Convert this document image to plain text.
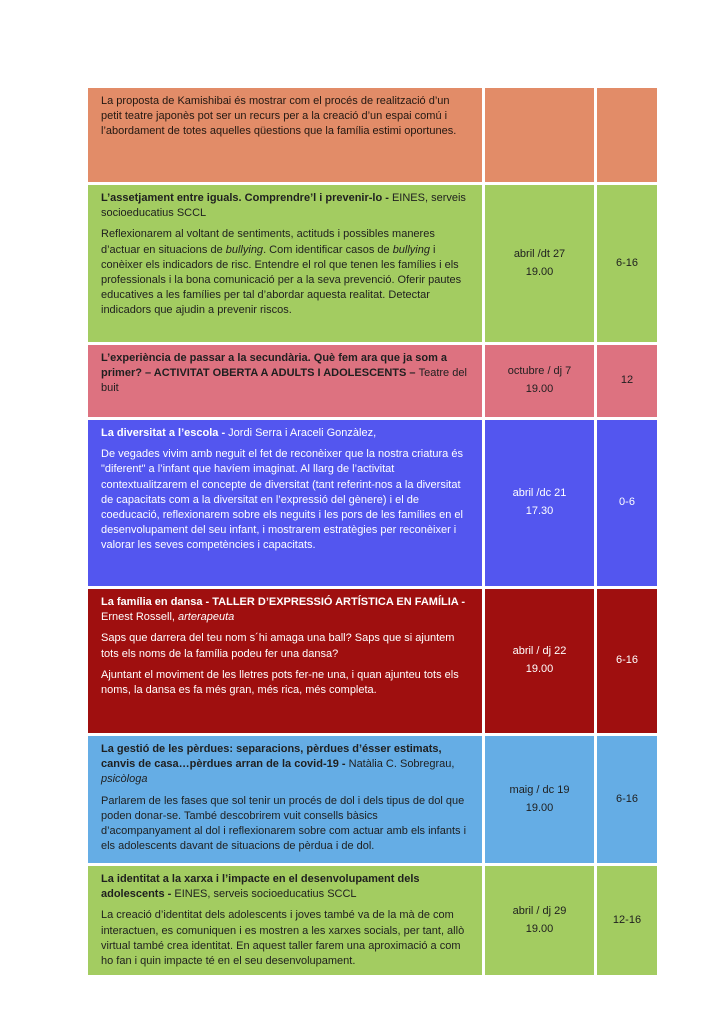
La proposta de Kamishibai és mostrar com el procés de realització d’un petit teatre japonès pot ser un recurs per a la creació d’un espai comú i l’abordament de totes aquelles qüestions que la família estimi oportunes.

L’assetjament entre iguals. Comprendre’l i prevenir-lo - EINES, serveis socioeducatius SCCL

Reflexionarem al voltant de sentiments, actituds i possibles maneres d’actuar en situacions de bullying. Com identificar casos de bullying i conèixer els indicadors de risc. Entendre el rol que tenen les famílies i els professionals i la bona comunicació per a la seva prevenció. Oferir pautes educatives a les famílies per tal d’abordar aquesta realitat. Detectar indicadors que ajudin a prevenir riscos.

abril /dt 27
19.00
6-16

L’experiència de passar a la secundària. Què fem ara que ja som a primer? – ACTIVITAT OBERTA A ADULTS I ADOLESCENTS – Teatre del buit

octubre / dj 7
19.00
12

La diversitat a l’escola - Jordi Serra i Araceli Gonzàlez,

De vegades vivim amb neguit el fet de reconèixer que la nostra criatura és "diferent" a l’infant que havíem imaginat. Al llarg de l’activitat contextualitzarem el concepte de diversitat (tant referint-nos a la diversitat de capacitats com a la diversitat en l’expressió del gènere) i el de coeducació, reflexionarem sobre els neguits i les pors de les famílies en el desenvolupament del seu infant, i mostrarem estratègies per reconèixer i valorar les seves competències i capacitats.

abril /dc 21
17.30
0-6

La família en dansa - TALLER D’EXPRESSIÓ ARTÍSTICA EN FAMÍLIA - Ernest Rossell, arterapeuta

Saps que darrera del teu nom s´hi amaga una ball? Saps que si ajuntem tots els noms de la família podeu fer una dansa?

Ajuntant el moviment de les lletres pots fer-ne una, i quan ajunteu tots els noms, la dansa es fa més gran, més rica, més completa.

abril / dj 22
19.00
6-16

La gestió de les pèrdues: separacions, pèrdues d’ésser estimats, canvis de casa…pèrdues arran de la covid-19 - Natàlia C. Sobregrau, psicòloga

Parlarem de les fases que sol tenir un procés de dol i dels tipus de dol que poden donar-se. També descobrirem vuit consells bàsics d’acompanyament al dol i reflexionarem sobre com actuar amb els infants i els adolescents davant de situacions de pèrdua i de dol.

maig / dc 19
19.00
6-16

La identitat a la xarxa i l’impacte en el desenvolupament dels adolescents - EINES, serveis socioeducatius SCCL

La creació d’identitat dels adolescents i joves també va de la mà de com interactuen, es comuniquen i es mostren a les xarxes socials, per tant, allò virtual també crea identitat. En aquest taller farem una aproximació a com ho fan i quin impacte té en el seu desenvolupament.

abril / dj 29
19.00
12-16
